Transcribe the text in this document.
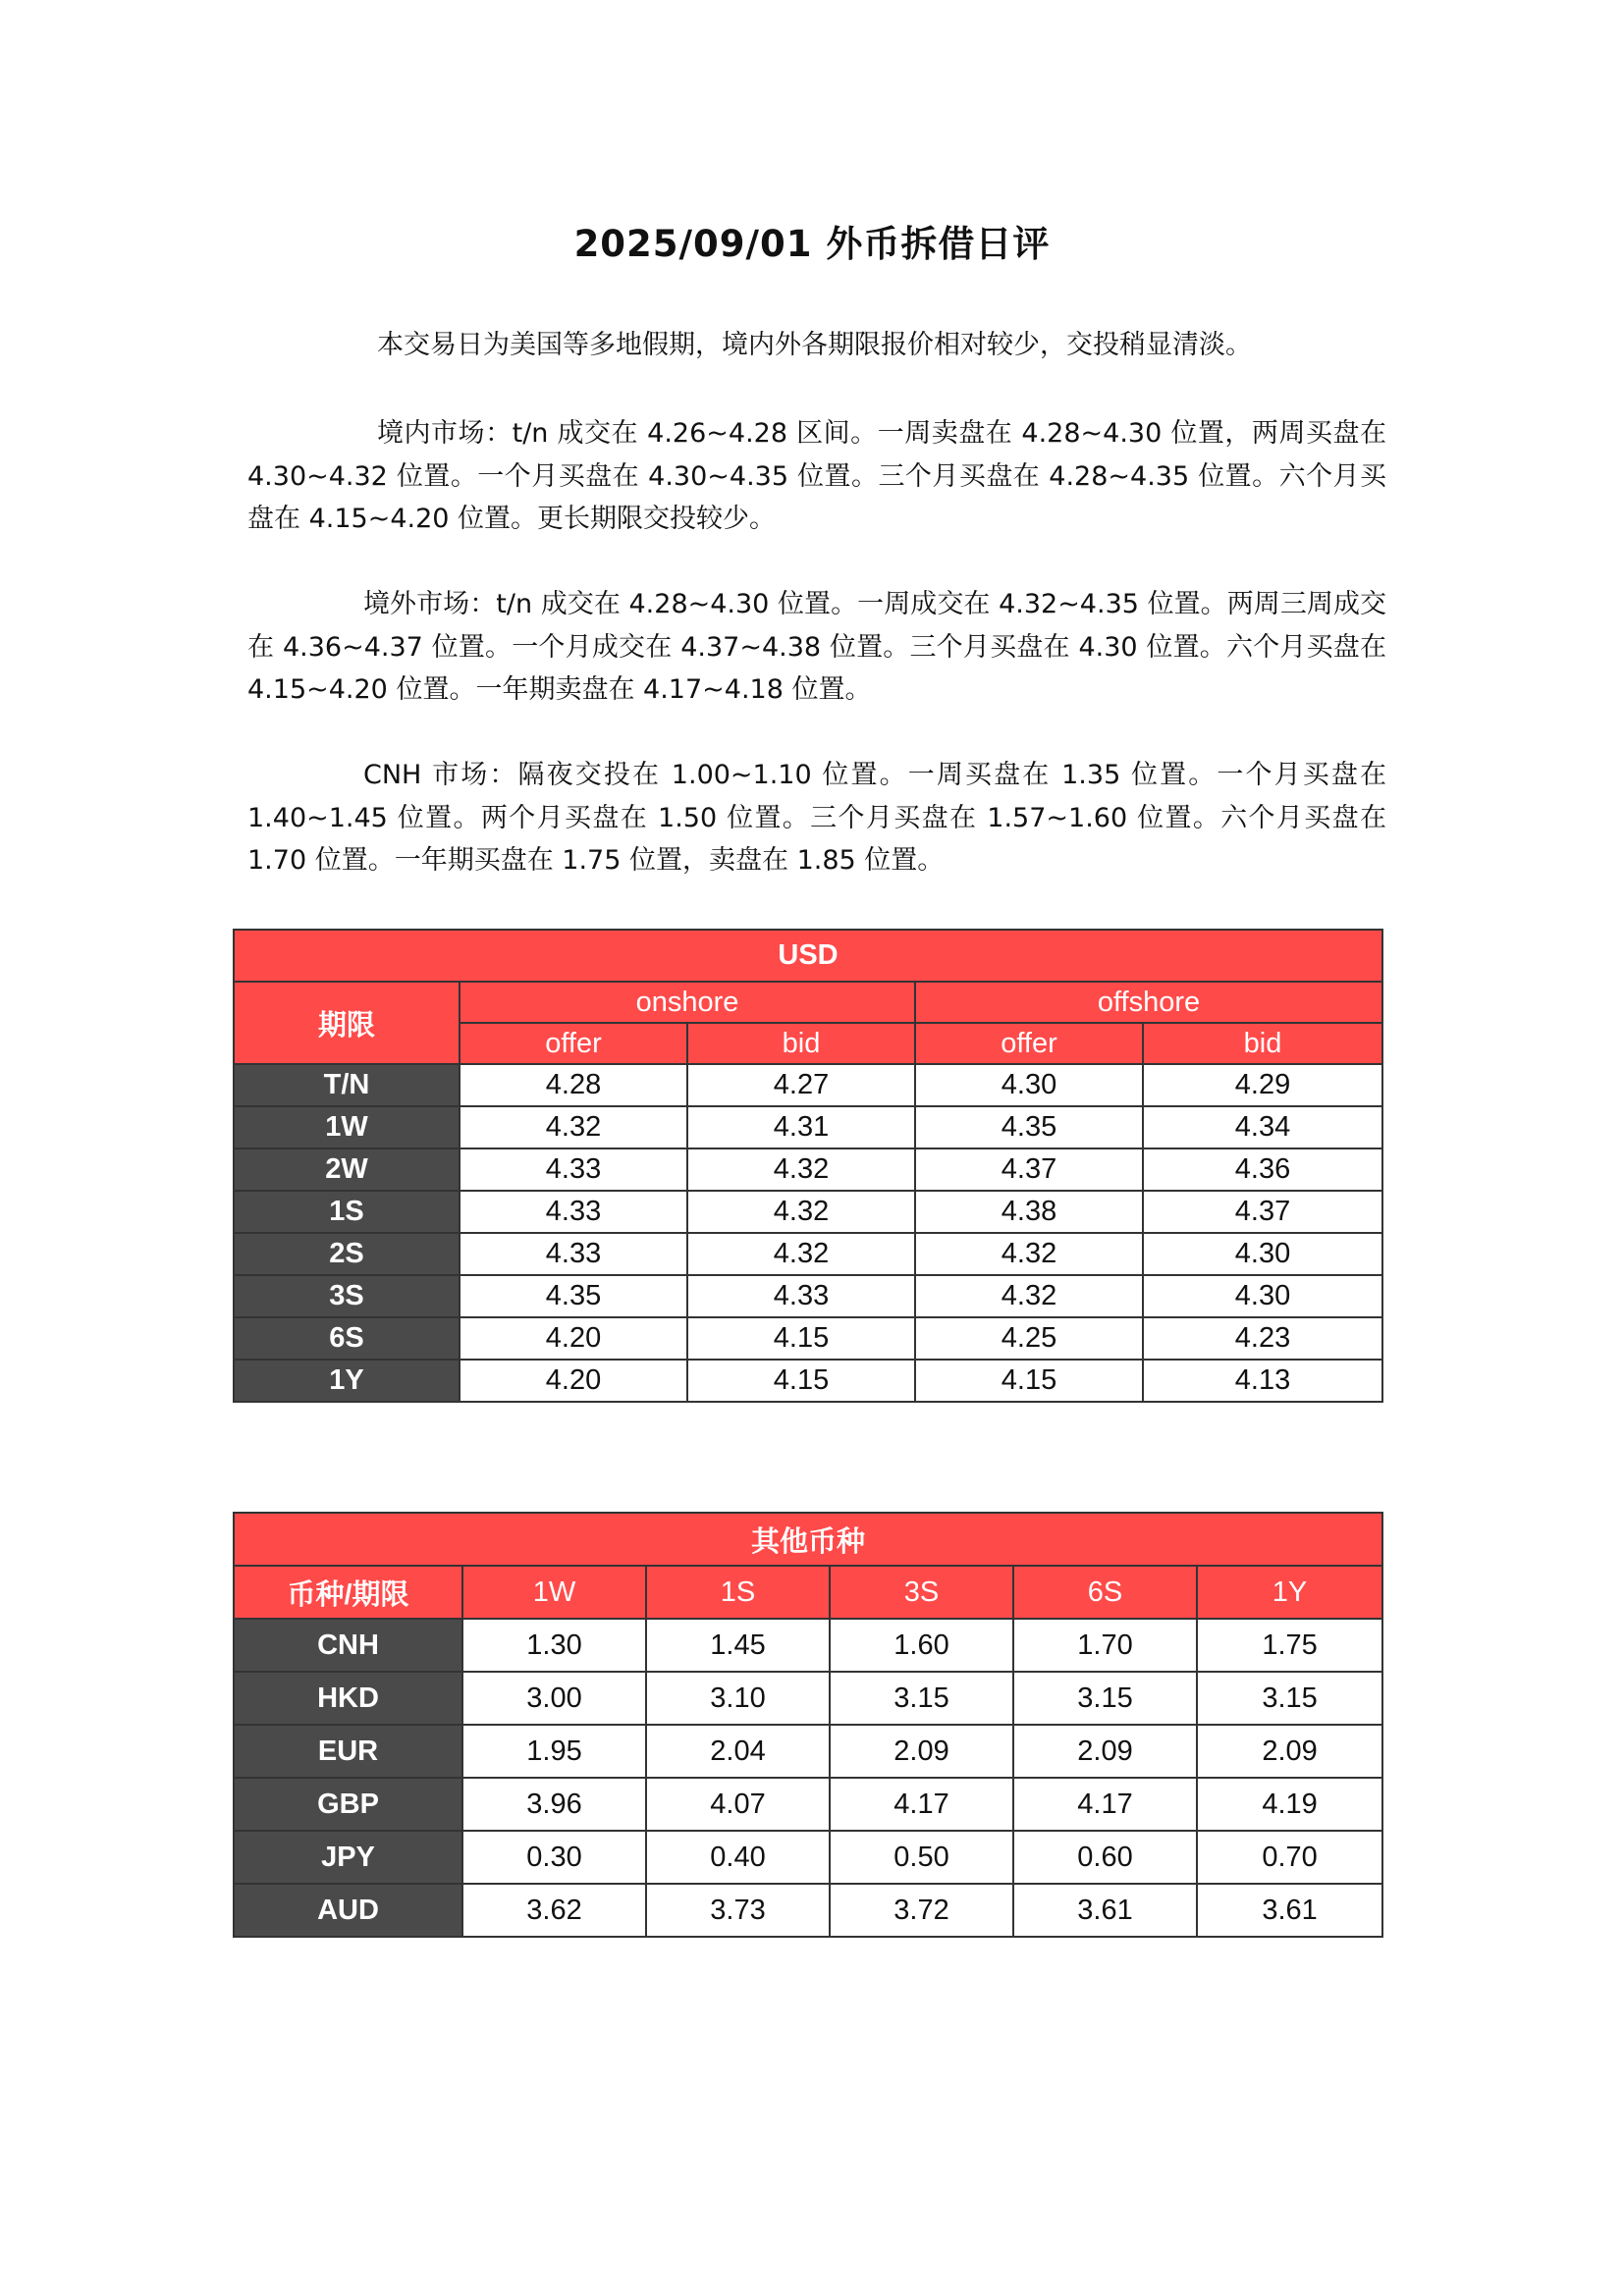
2025/09/01 外币拆借日评

本交易日为美国等多地假期，境内外各期限报价相对较少，交投稍显清淡。

境内市场：t/n 成交在 4.26~4.28 区间。一周卖盘在 4.28~4.30 位置，两周买盘在 4.30~4.32 位置。一个月买盘在 4.30~4.35 位置。三个月买盘在 4.28~4.35 位置。六个月买盘在 4.15~4.20 位置。更长期限交投较少。

境外市场：t/n 成交在 4.28~4.30 位置。一周成交在 4.32~4.35 位置。两周三周成交在 4.36~4.37 位置。一个月成交在 4.37~4.38 位置。三个月买盘在 4.30 位置。六个月买盘在 4.15~4.20 位置。一年期卖盘在 4.17~4.18 位置。

CNH 市场：隔夜交投在 1.00~1.10 位置。一周买盘在 1.35 位置。一个月买盘在 1.40~1.45 位置。两个月买盘在 1.50 位置。三个月买盘在 1.57~1.60 位置。六个月买盘在 1.70 位置。一年期买盘在 1.75 位置，卖盘在 1.85 位置。

USD				
期限	onshore		offshore	
	offer	bid	offer	bid
T/N	4.28	4.27	4.30	4.29
1W	4.32	4.31	4.35	4.34
2W	4.33	4.32	4.37	4.36
1S	4.33	4.32	4.38	4.37
2S	4.33	4.32	4.32	4.30
3S	4.35	4.33	4.32	4.30
6S	4.20	4.15	4.25	4.23
1Y	4.20	4.15	4.15	4.13
其他币种					
币种/期限	1W	1S	3S	6S	1Y
CNH	1.30	1.45	1.60	1.70	1.75
HKD	3.00	3.10	3.15	3.15	3.15
EUR	1.95	2.04	2.09	2.09	2.09
GBP	3.96	4.07	4.17	4.17	4.19
JPY	0.30	0.40	0.50	0.60	0.70
AUD	3.62	3.73	3.72	3.61	3.61
